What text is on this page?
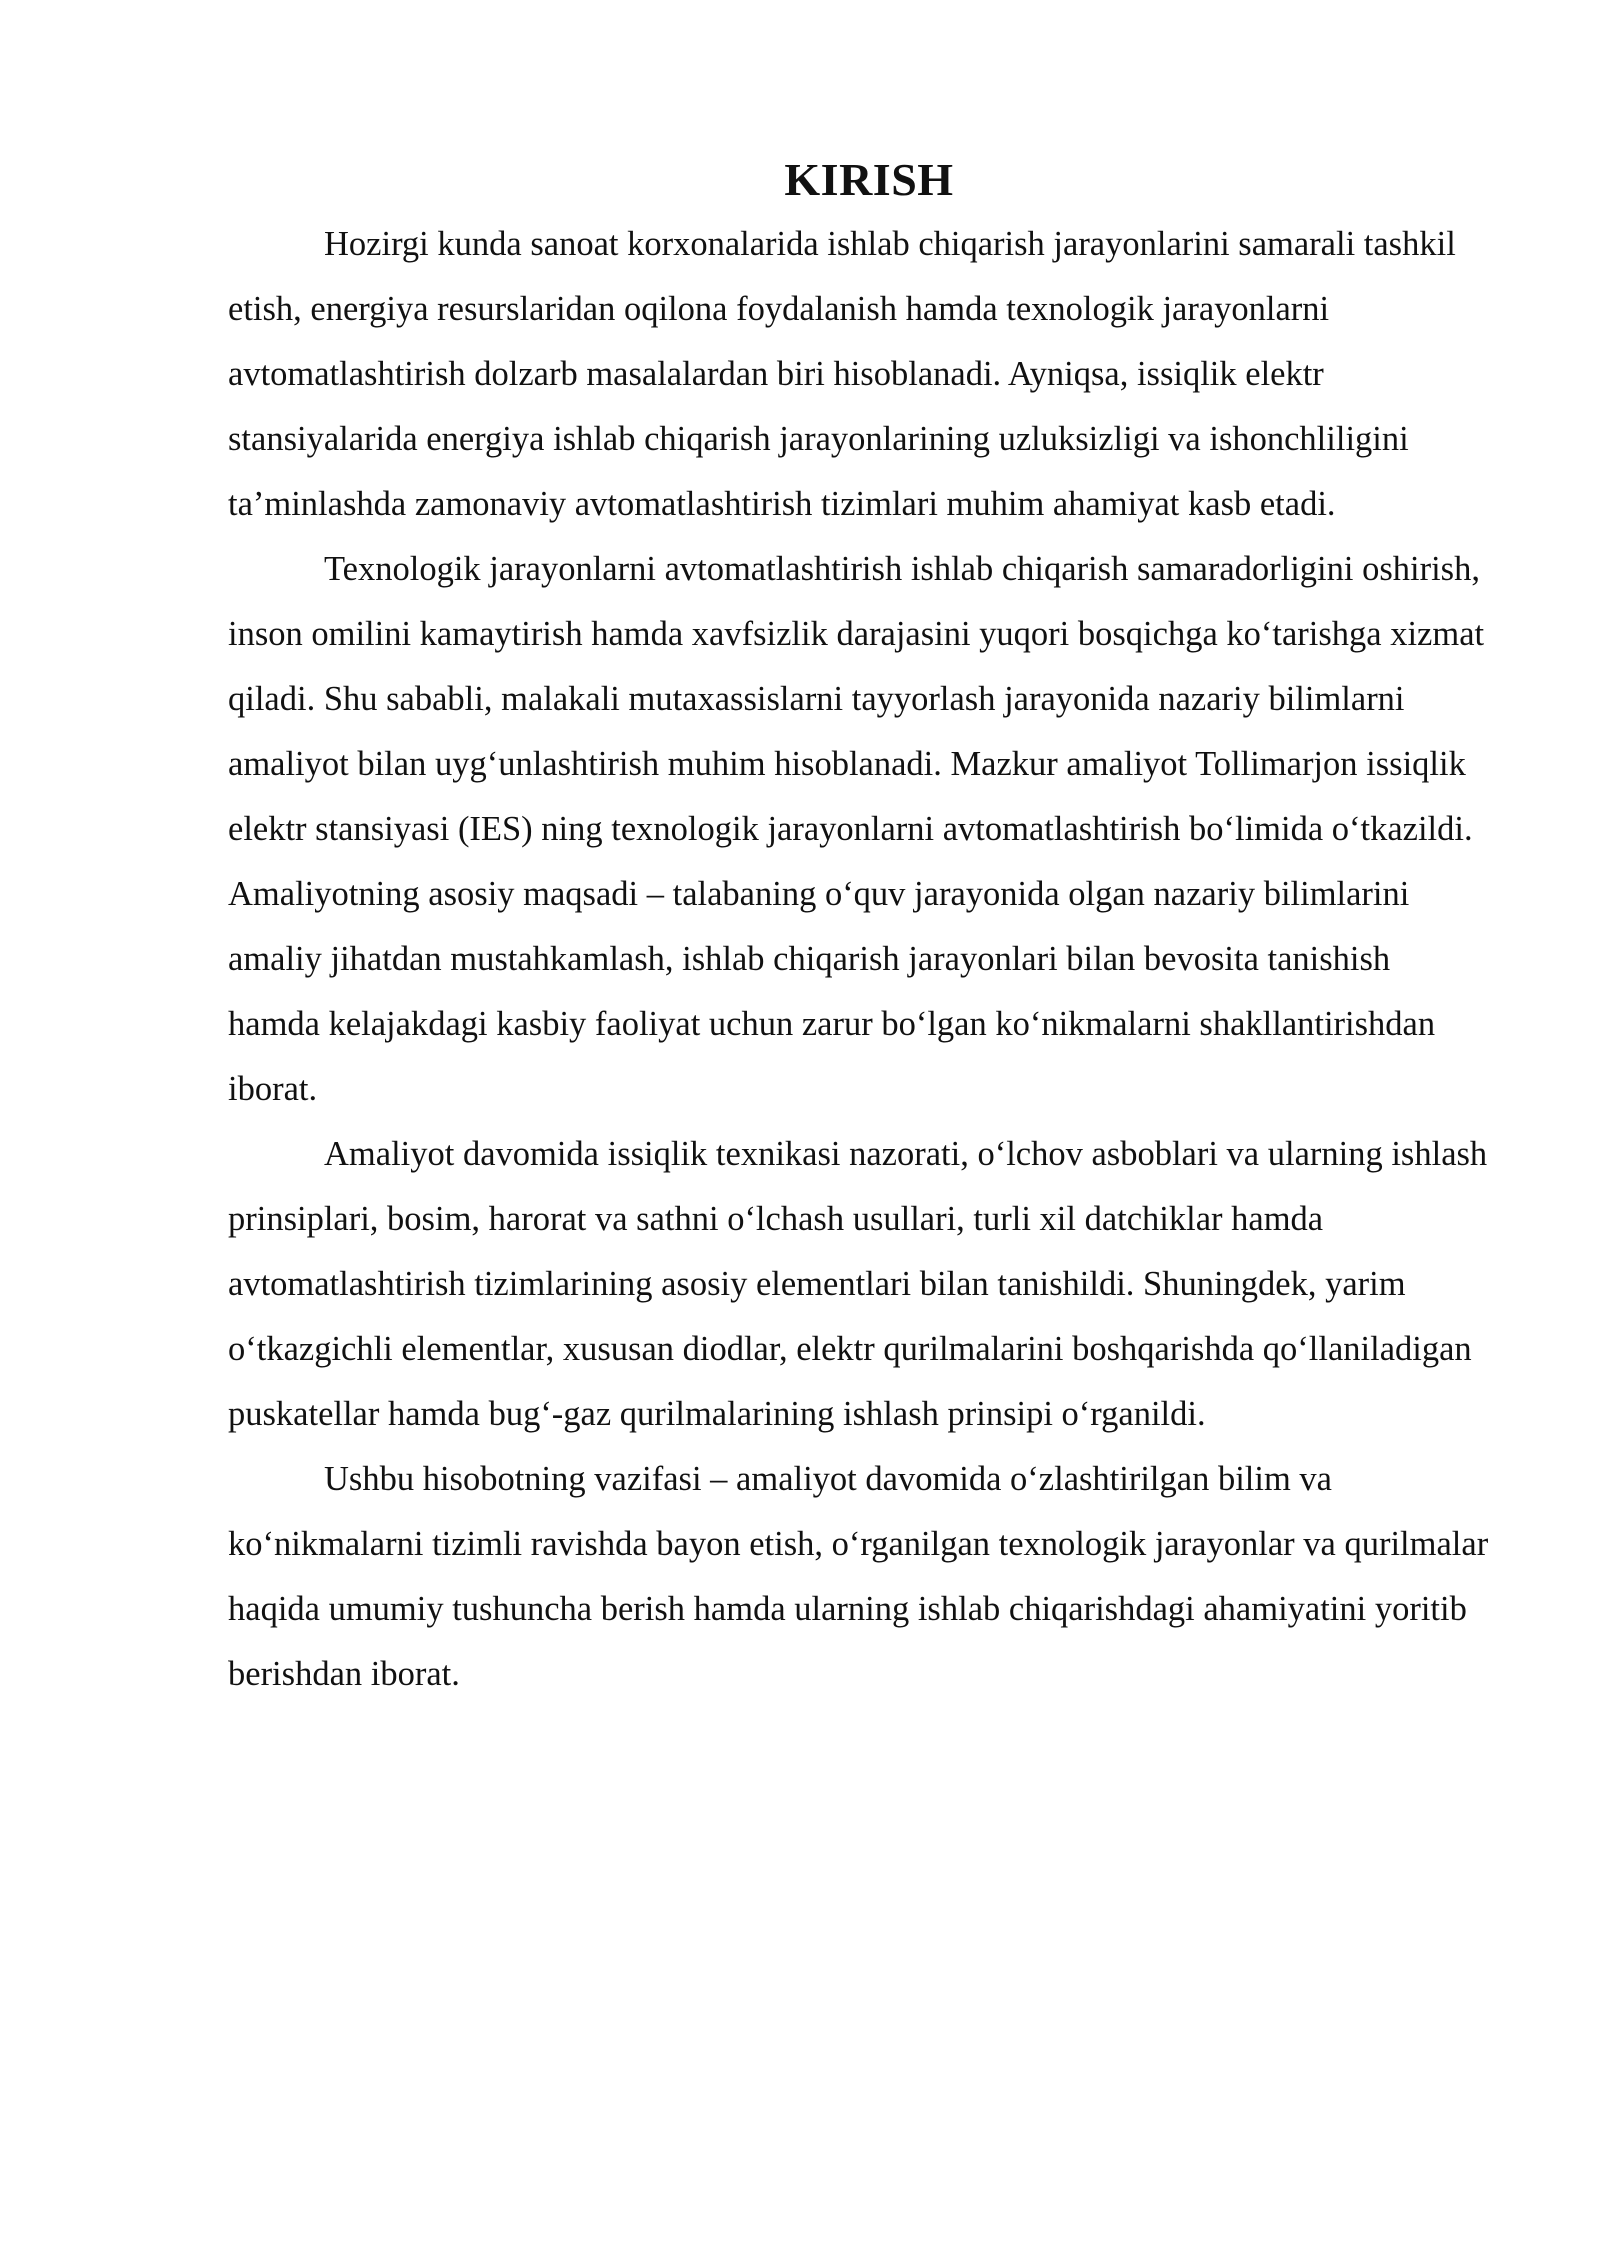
KIRISH

Hozirgi kunda sanoat korxonalarida ishlab chiqarish jarayonlarini samarali tashkil etish, energiya resurslaridan oqilona foydalanish hamda texnologik jarayonlarni avtomatlashtirish dolzarb masalalardan biri hisoblanadi. Ayniqsa, issiqlik elektr stansiyalarida energiya ishlab chiqarish jarayonlarining uzluksizligi va ishonchliligini ta’minlashda zamonaviy avtomatlashtirish tizimlari muhim ahamiyat kasb etadi.

Texnologik jarayonlarni avtomatlashtirish ishlab chiqarish samaradorligini oshirish, inson omilini kamaytirish hamda xavfsizlik darajasini yuqori bosqichga ko‘tarishga xizmat qiladi. Shu sababli, malakali mutaxassislarni tayyorlash jarayonida nazariy bilimlarni amaliyot bilan uyg‘unlashtirish muhim hisoblanadi. Mazkur amaliyot Tollimarjon issiqlik elektr stansiyasi (IES) ning texnologik jarayonlarni avtomatlashtirish bo‘limida o‘tkazildi. Amaliyotning asosiy maqsadi – talabaning o‘quv jarayonida olgan nazariy bilimlarini amaliy jihatdan mustahkamlash, ishlab chiqarish jarayonlari bilan bevosita tanishish hamda kelajakdagi kasbiy faoliyat uchun zarur bo‘lgan ko‘nikmalarni shakllantirishdan iborat.

Amaliyot davomida issiqlik texnikasi nazorati, o‘lchov asboblari va ularning ishlash prinsiplari, bosim, harorat va sathni o‘lchash usullari, turli xil datchiklar hamda avtomatlashtirish tizimlarining asosiy elementlari bilan tanishildi. Shuningdek, yarim o‘tkazgichli elementlar, xususan diodlar, elektr qurilmalarini boshqarishda qo‘llaniladigan puskatellar hamda bug‘-gaz qurilmalarining ishlash prinsipi o‘rganildi.

Ushbu hisobotning vazifasi – amaliyot davomida o‘zlashtirilgan bilim va ko‘nikmalarni tizimli ravishda bayon etish, o‘rganilgan texnologik jarayonlar va qurilmalar haqida umumiy tushuncha berish hamda ularning ishlab chiqarishdagi ahamiyatini yoritib berishdan iborat.
